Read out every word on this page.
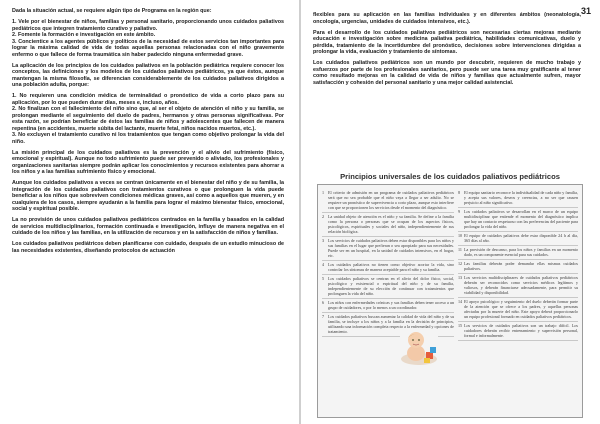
Dada la situación actual, se requiere algún tipo de Programa en la región que:

1. Vele por el bienestar de niños, familias y personal sanitario, proporcionando unos cuidados paliativos pediátricos que integren tratamiento curativo y paliativo.
2. Fomente la formación e investigación en este ámbito.
3. Concientice a los agentes públicos y políticos de la necesidad de estos servicios tan importantes para lograr la máxima calidad de vida de todas aquellas personas relacionadas con el niño gravemente enfermo o que fallece de forma traumática sin haber padecido ninguna enfermedad grave.

La aplicación de los principios de los cuidados paliativos en la población pediátrica requiere conocer los conceptos, las definiciones y los modelos de los cuidados paliativos pediátricos, ya que éstos, aunque mantengan la misma filosofía, se diferencian considerablemente de los cuidados paliativos dirigidos a una población adulta, porque:

1. No requieren una condición médica de terminalidad o pronóstico de vida a corto plazo para su aplicación, por lo que pueden durar días, meses e, incluso, años.
2. No finalizan con el fallecimiento del niño sino que, al ser el objeto de atención el niño y su familia, se prolongan mediante el seguimiento del duelo de padres, hermanos y otras personas significativas. Por esta razón, se podrían beneficiar de éstos las familias de niños y adolescentes que fallecen de manera repentina (en accidentes, muerte súbita del lactante, muerte fetal, niños nacidos muertos, etc.).
3. No excluyen el tratamiento curativo ni los tratamientos que tengan como objetivo prolongar la vida del niño.

La misión principal de los cuidados paliativos es la prevención y el alivio del sufrimiento (físico, emocional y espiritual). Aunque no todo sufrimiento puede ser prevenido o aliviado, los profesionales y organizaciones sanitarias siempre podrán aplicar los conocimientos y recursos existentes para ahorrar a los niños y a las familias sufrimiento físico y emocional.

Aunque los cuidados paliativos a veces se centran únicamente en el bienestar del niño y de su familia, la integración de los cuidados paliativos con tratamientos curativos o que prolonguen la vida puede beneficiar a los niños que sobreviven condiciones médicas graves, así como a aquellos que mueren, y en cualquiera de los casos, siempre ayudarán a la familia para lograr el máximo bienestar físico, emocional, social y espiritual posible.

La no provisión de unos cuidados paliativos pediátricos centrados en la familia y basados en la calidad de servicios multidisciplinarios, formación continuada e investigación, influye de manera negativa en el cuidado de los niños y las familias, en la utilización de recursos y en la satisfacción de niños y familias.

Los cuidados paliativos pediátricos deben planificarse con cuidado, después de un estudio minucioso de las necesidades existentes, diseñando protocolos de actuación

31

flexibles para su aplicación en las familias individuales y en diferentes ámbitos (neonatología, oncología, urgencias, unidades de cuidados intensivos, etc.).

Para el desarrollo de los cuidados paliativos pediátricos son necesarias ciertas mejoras mediante educación e investigación sobre medicina paliativa pediátrica, habilidades comunicativas, duelo y pérdida, tratamiento de la incertidumbre del pronóstico, decisiones sobre intervenciones dirigidas a prolongar la vida, evaluación y tratamiento de síntomas.

Los cuidados paliativos pediátricos son un mundo por descubrir, requieren de mucho trabajo y esfuerzos por parte de los profesionales sanitarios, pero puede ser una tarea muy gratificante al tener como resultado mejoras en la calidad de vida de niños y familias que actualmente sufren, mayor satisfacción y cohesión del personal sanitario y una mejor calidad asistencial.

Principios universales de los cuidados paliativos pediátricos
1 El criterio de admisión en un programa de cuidados paliativos pediátricos será que no sea probable que el niño vaya a llegar a ser adulto. No se requiere un pronóstico de supervivencia a corto plazo, aunque esto interfiere con que se proporcionen los servicios desde el momento del diagnóstico.
2 La unidad objeto de atención es el niño y su familia. Se define a la familia como la persona o personas que se ocupan de los aspectos físicos, psicológicos, espirituales y sociales del niño, independientemente de sus relación biológica.
3 Los servicios de cuidados paliativos deben estar disponibles para los niños y sus familias en el lugar que prefieran o sea apropiado para sus necesidades. Puede ser en un hospital, en la unidad de cuidados intensivos, en el hogar, etc.
4 Los cuidados paliativos no tienen como objetivo acortar la vida, sino controlar los síntomas de manera aceptable para el niño y su familia.
5 Los cuidados paliativos se centran en el alivio del dolor físico, social, psicológico y existencial o espiritual del niño y de su familia, independientemente de su elección de continuar con tratamientos que prolonguen la vida del niño.
6 Los niños con enfermedades crónicas y sus familias deben tener acceso a un grupo de cuidadores, o por lo menos a un coordinador.
7 Los cuidados paliativos buscan aumentar la calidad de vida del niño y de su familia, se incluye a los niños y a la familia en la decisión de principios, utilizando una información completa respecto a la enfermedad y opciones de tratamiento.
8 El equipo sanitario reconoce la individualidad de cada niño y familia, y acepta sus valores, deseos y creencias, a no ser que causen perjuicio al niño significativo.
9 Los cuidados paliativos se desarrollan en el marco de un equipo multidisciplinar que entiende el momento del diagnóstico implica que hay un contacto respetuoso con las preferencias del paciente para prolongar la vida del niño.
10 El equipo de cuidados paliativos debe estar disponible 24 h al día, 365 días al año.
11 La provisión de descanso, para los niños y familias en un momento dado, es un componente esencial para sus cuidados.
12 Las familias deberán poder demandar ellas mismas cuidados paliativos.
13 Los servicios multidisciplinares de cuidados paliativos pediátricos deberán ser reconocidos como servicios médicos legítimos y valiosos, y deberán financiarse adecuadamente, para permitir su viabilidad y disponibilidad.
14 El apoyo psicológico y seguimiento del duelo deberán formar parte de la atención que se ofrece a los padres, y aquellas personas afectadas por la muerte del niño. Este apoyo deberá proporcionarlo un equipo profesional formado en cuidados paliativos pediátricos.
15 Los servicios de cuidados paliativos son un trabajo difícil. Los cuidadores deberán recibir entrenamiento y supervisión personal, formal e informalmente.
